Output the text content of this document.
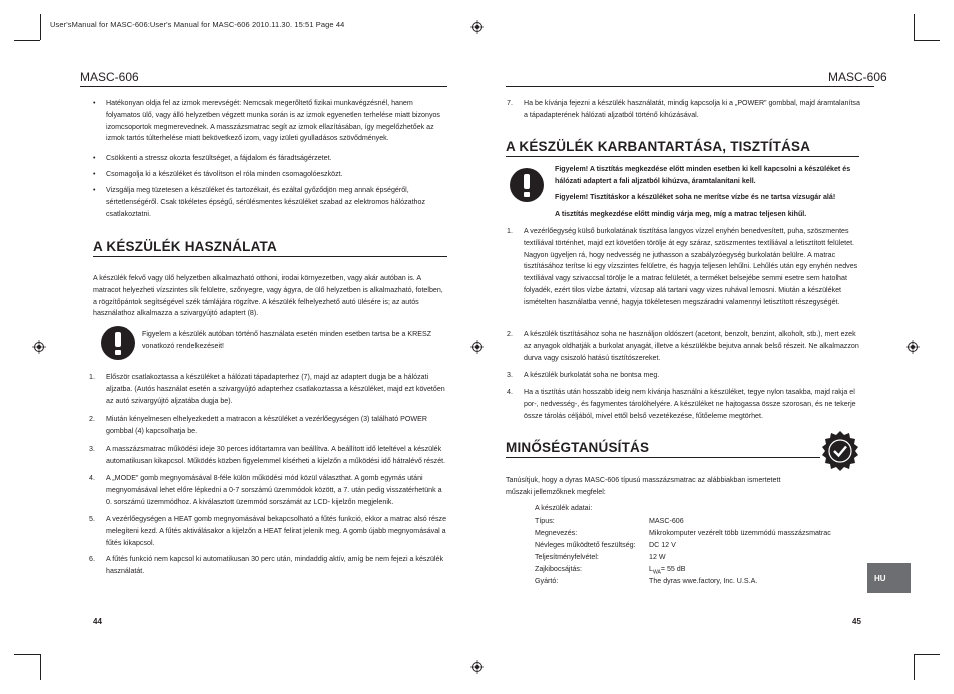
User'sManual for MASC-606:User's Manual for MASC-606 2010.11.30. 15:51 Page 44
MASC-606
• Hatékonyan oldja fel az izmok merevségét: Nemcsak megerőltető fizikai munkavégzésnél, hanem folyamatos ülő, vagy álló helyzetben végzett munka során is az izmok egyenetlen terhelése miatt bizonyos izomcsoportok megmerevednek. A masszázsmatrac segít az izmok ellazításában, így megelőzhetőek az izmok tartós túlterhelése miatt bekövetkező izom, vagy izületi gyulladásos szövődmények.
• Csökkenti a stressz okozta feszültséget, a fájdalom és fáradtságérzetet.
• Csomagolja ki a készüléket és távolítson el róla minden csomagolóeszközt.
• Vizsgálja meg tüzetesen a készüléket és tartozékait, és ezáltal győződjön meg annak épségéről, sértetlenségéről. Csak tökéletes épségű, sérülésmentes készüléket szabad az elektromos hálózathoz csatlakoztatni.
A KÉSZÜLÉK HASZNÁLATA
A készülék fekvő vagy ülő helyzetben alkalmazható otthoni, irodai környezetben, vagy akár autóban is. A matracot helyezheti vízszintes sík felületre, szőnyegre, vagy ágyra, de ülő helyzetben is alkalmazható, fotelben, a rögzítőpántok segítségével szék támlájára rögzítve. A készülék felhelyezhető autó ülésére is; az autós használathoz alkalmazza a szivargyújtó adaptert (8).
Figyelem a készülék autóban történő használata esetén minden esetben tartsa be a KRESZ vonatkozó rendelkezéseit!
1. Először csatlakoztassa a készüléket a hálózati tápadapterhez (7), majd az adaptert dugja be a hálózati aljzatba. (Autós használat esetén a szivargyújtó adapterhez csatlakoztassa a készüléket, majd ezt követően az autó szivargyújtó aljzatába dugja be).
2. Miután kényelmesen elhelyezkedett a matracon a készüléket a vezérlőegységen (3) található POWER gombbal (4) kapcsolhatja be.
3. A masszázsmatrac működési ideje 30 perces időtartamra van beállítva. A beállított idő leteltével a készülék automatikusan kikapcsol. Működés közben figyelemmel kísérheti a kijelzőn a működési idő hátralévő részét.
4. A „MODE” gomb megnyomásával 8-féle külön működési mód közül választhat. A gomb egymás utáni megnyomásával lehet előre lépkedni a 0-7 sorszámú üzemmódok között, a 7. után pedig visszatérhetünk a 0. sorszámú üzemmódhoz. A kiválasztott üzemmód sorszámát az LCD- kijelzőn megjelenik.
5. A vezérlőegységen a HEAT gomb megnyomásával bekapcsolható a fűtés funkció, ekkor a matrac alsó része melegíteni kezd. A fűtés aktiválásakor a kijelzőn a HEAT felirat jelenik meg. A gomb újabb megnyomásával a fűtés kikapcsol.
6. A fűtés funkció nem kapcsol ki automatikusan 30 perc után, mindaddig aktív, amíg be nem fejezi a készülék használatát.
44
MASC-606
7. Ha be kívánja fejezni a készülék használatát, mindig kapcsolja ki a „POWER” gombbal, majd áramtalanítsa a tápadapterének hálózati aljzatból történő kihúzásával.
A KÉSZÜLÉK KARBANTARTÁSA, TISZTÍTÁSA
Figyelem! A tisztítás megkezdése előtt minden esetben ki kell kapcsolni a készüléket és hálózati adaptert a fali aljzatból kihúzva, áramtalanítani kell.
Figyelem! Tisztításkor a készüléket soha ne merítse vízbe és ne tartsa vízsugár alá!
A tisztítás megkezdése előtt mindig várja meg, míg a matrac teljesen kihűl.
1. A vezérlőegység külső burkolatának tisztítása langyos vízzel enyhén benedvesített, puha, szöszmentes textíliával történhet, majd ezt követően törölje át egy száraz, szöszmentes textíliával a letisztított felületet. Nagyon ügyeljen rá, hogy nedvesség ne juthasson a szabályzóegység burkolatán belülre. A matrac tisztításához terítse ki egy vízszintes felületre, és hagyja teljesen lehűlni. Lehűlés után egy enyhén nedves textíliával vagy szivaccsal törölje le a matrac felületét, a terméket belsejébe semmi esetre sem hatolhat folyadék, ezért tilos vízbe áztatni, vízcsap alá tartani vagy vizes ruhával lemosni. Miután a készüléket ismételten használatba venné, hagyja tökéletesen megszáradni valamennyi letisztított részegységét.
2. A készülék tisztításához soha ne használjon oldószert (acetont, benzolt, benzint, alkoholt, stb.), mert ezek az anyagok oldhatják a burkolat anyagát, illetve a készülékbe bejutva annak belső részeit. Ne alkalmazzon durva vagy csiszoló hatású tisztítószereket.
3. A készülék burkolatát soha ne bontsa meg.
4. Ha a tisztítás után hosszabb ideig nem kívánja használni a készüléket, tegye nylon tasakba, majd rakja el por-, nedvesség-, és fagymentes tárolóhelyére. A készüléket ne hajtogassa össze szorosan, és ne tekerje össze tárolás céljából, mivel ettől belső vezetékezése, fűtőeleme megtörhet.
MINŐSÉGTANÚSÍTÁS
Tanúsítjuk, hogy a dyras MASC-606 típusú masszázsmatrac az alábbiakban ismertetett műszaki jellemzőknek megfelel:
A készülék adatai:
Típus:	MASC-606
Megnevezés:	Mikrokomputer vezérelt több üzemmódú masszázsmatrac
Névleges működtető feszültség: DC 12 V
Teljesítményfelvétel:	12 W
Zajkibocsájtás:	$L_{WA}= 55$ dB
Gyártó:	The dyras wwe.factory, Inc. U.S.A.	HU
45
